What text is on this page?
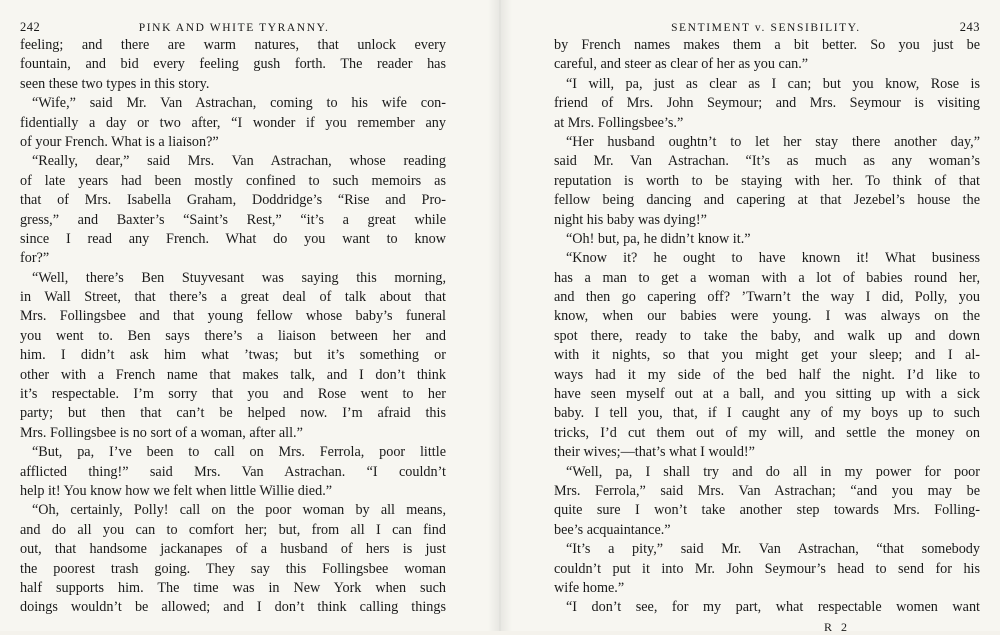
242	PINK AND WHITE TYRANNY.
feeling; and there are warm natures, that unlock every
fountain, and bid every feeling gush forth. The reader has
seen these two types in this story.
“Wife,” said Mr. Van Astrachan, coming to his wife con-
fidentially a day or two after, “I wonder if you remember any
of your French. What is a liaison?”
“Really, dear,” said Mrs. Van Astrachan, whose reading
of late years had been mostly confined to such memoirs as
that of Mrs. Isabella Graham, Doddridge’s “Rise and Pro-
gress,” and Baxter’s “Saint’s Rest,” “it’s a great while
since I read any French. What do you want to know
for?”
“Well, there’s Ben Stuyvesant was saying this morning,
in Wall Street, that there’s a great deal of talk about that
Mrs. Follingsbee and that young fellow whose baby’s funeral
you went to. Ben says there’s a liaison between her and
him. I didn’t ask him what ’twas; but it’s something or
other with a French name that makes talk, and I don’t think
it’s respectable. I’m sorry that you and Rose went to her
party; but then that can’t be helped now. I’m afraid this
Mrs. Follingsbee is no sort of a woman, after all.”
“But, pa, I’ve been to call on Mrs. Ferrola, poor little
afflicted thing!” said Mrs. Van Astrachan. “I couldn’t
help it! You know how we felt when little Willie died.”
“Oh, certainly, Polly! call on the poor woman by all means,
and do all you can to comfort her; but, from all I can find
out, that handsome jackanapes of a husband of hers is just
the poorest trash going. They say this Follingsbee woman
half supports him. The time was in New York when such
doings wouldn’t be allowed; and I don’t think calling things
SENTIMENT v. SENSIBILITY.	243
by French names makes them a bit better. So you just be
careful, and steer as clear of her as you can.”
“I will, pa, just as clear as I can; but you know, Rose is
friend of Mrs. John Seymour; and Mrs. Seymour is visiting
at Mrs. Follingsbee’s.”
“Her husband oughtn’t to let her stay there another day,”
said Mr. Van Astrachan. “It’s as much as any woman’s
reputation is worth to be staying with her. To think of that
fellow being dancing and capering at that Jezebel’s house the
night his baby was dying!”
“Oh! but, pa, he didn’t know it.”
“Know it? he ought to have known it! What business
has a man to get a woman with a lot of babies round her,
and then go capering off? ’Twarn’t the way I did, Polly, you
know, when our babies were young. I was always on the
spot there, ready to take the baby, and walk up and down
with it nights, so that you might get your sleep; and I al-
ways had it my side of the bed half the night. I’d like to
have seen myself out at a ball, and you sitting up with a sick
baby. I tell you, that, if I caught any of my boys up to such
tricks, I’d cut them out of my will, and settle the money on
their wives;—that’s what I would!”
“Well, pa, I shall try and do all in my power for poor
Mrs. Ferrola,” said Mrs. Van Astrachan; “and you may be
quite sure I won’t take another step towards Mrs. Folling-
bee’s acquaintance.”
“It’s a pity,” said Mr. Van Astrachan, “that somebody
couldn’t put it into Mr. John Seymour’s head to send for his
wife home.”
“I don’t see, for my part, what respectable women want
R 2
